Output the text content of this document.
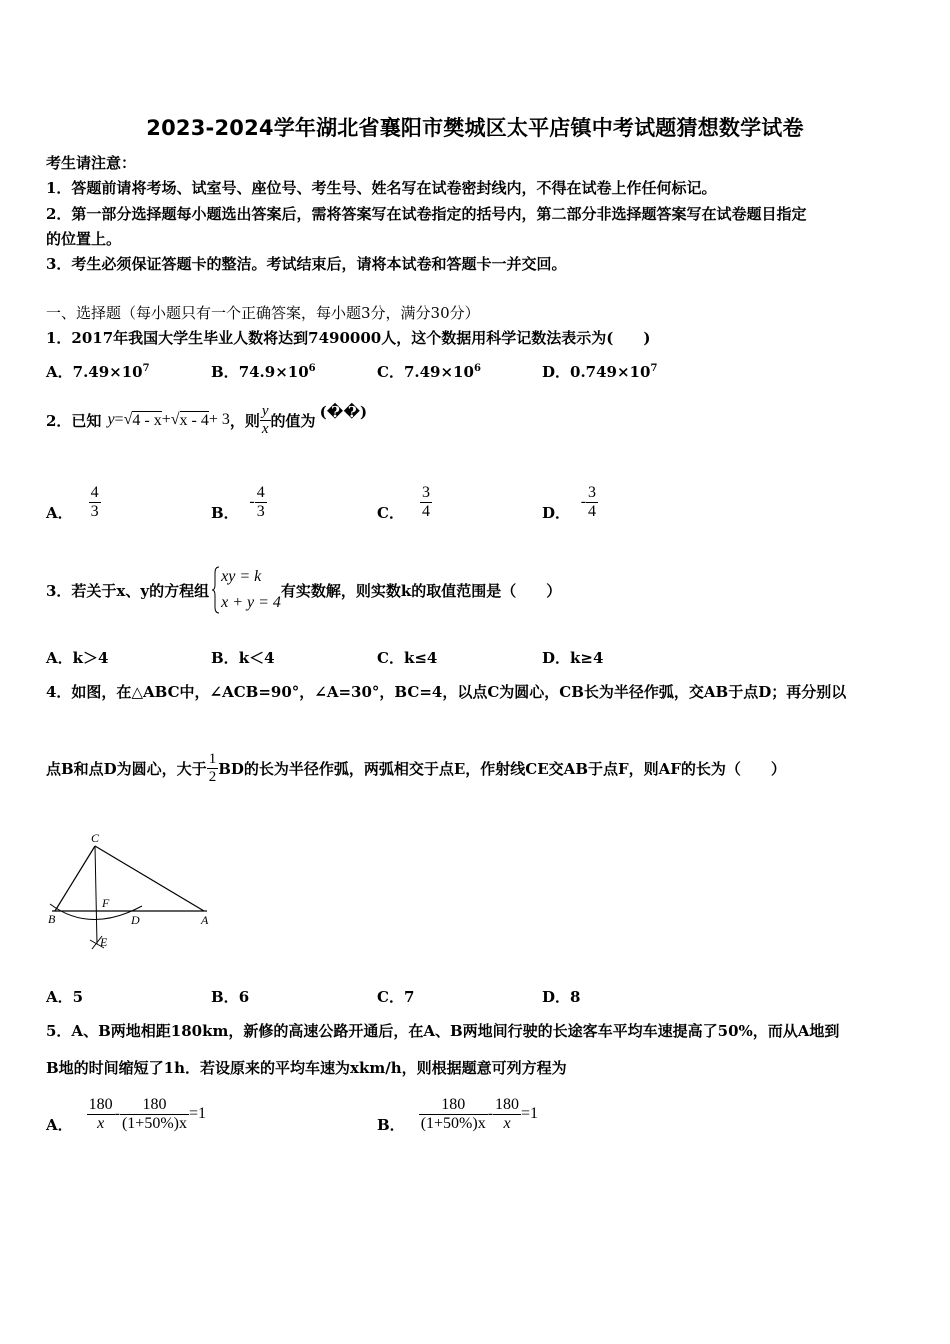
2023-2024学年湖北省襄阳市樊城区太平店镇中考试题猜想数学试卷
考生请注意：
1．答题前请将考场、试室号、座位号、考生号、姓名写在试卷密封线内，不得在试卷上作任何标记。
2．第一部分选择题每小题选出答案后，需将答案写在试卷指定的括号内，第二部分非选择题答案写在试卷题目指定
的位置上。
3．考生必须保证答题卡的整洁。考试结束后，请将本试卷和答题卡一并交回。
一、选择题（每小题只有一个正确答案，每小题3分，满分30分）
1．2017年我国大学生毕业人数将达到7490000人，这个数据用科学记数法表示为(　　)
A．$7.49\times 10^7$	B．$74.9\times 10^6$	C．$7.49\times 10^6$	D．$0.749\times 10^7$
2．已知 y = √ 4 - x + √ x - 4 + 3 ，则 $\frac{y}{x}$ 的值为 (��)
A． $\frac{4}{3}$	B．
- $\frac{4}{3}$	C． $\frac{3}{4}$	D．
- $\frac{3}{4}$
3．若关于x、y的方程组
xy = k
x + y = 4
有实数解，则实数k的取值范围是（　　）
A．k＞4	B．k＜4	C．k≤4	D．k≥4
4．如图，在△ABC中，∠ACB=90°，∠A=30°，BC=4，以点C为圆心，CB长为半径作弧，交AB于点D；再分别以
点B和点D为圆心，大于 $\frac{1}{2}$ BD的长为半径作弧，两弧相交于点E，作射线CE交AB于点F，则AF的长为（　　）
C
B
F
D	A
E
A．5	B．6	C．7	D．8
5．A、B两地相距180km，新修的高速公路开通后，在A、B两地间行驶的长途客车平均车速提高了50%，而从A地到
B地的时间缩短了1h．若设原来的平均车速为xkm/h，则根据题意可列方程为
A． $\frac{180}{x} - \frac{180}{(1+50\%)x} =1$
B． $\frac{180}{(1+50\%)x} - \frac{180}{x} =1$
